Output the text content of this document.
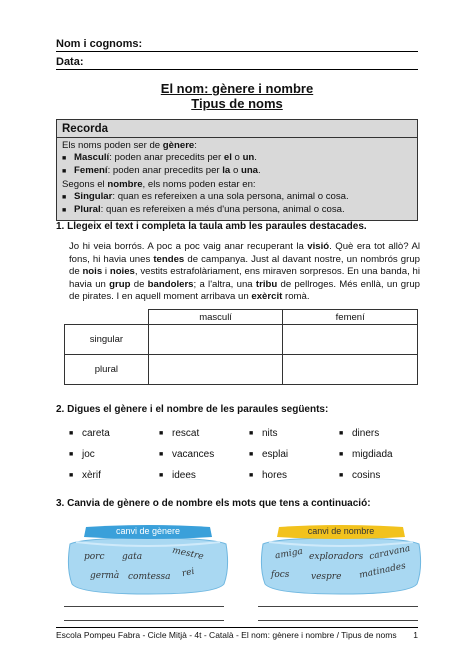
Nom i cognoms:
Data:
El nom: gènere i nombre
Tipus de noms
Recorda
Els noms poden ser de gènere:
■ Masculí: poden anar precedits per el o un.
■ Femení: poden anar precedits per la o una.
Segons el nombre, els noms poden estar en:
■ Singular: quan es refereixen a una sola persona, animal o cosa.
■ Plural: quan es refereixen a més d'una persona, animal o cosa.
1. Llegeix el text i completa la taula amb les paraules destacades.
Jo hi veia borrós. A poc a poc vaig anar recuperant la visió. Què era tot allò? Al fons, hi havia unes tendes de campanya. Just al davant nostre, un nombrós grup de nois i noies, vestits estrafolàriament, ens miraven sorpresos. En una banda, hi havia un grup de bandolers; a l'altra, una tribu de pellroges. Més enllà, un grup de pirates. I en aquell moment arribava un exèrcit romà.
	masculí	femení
singular		
plural		
2. Digues el gènere i el nombre de les paraules següents:
■ careta	■ rescat	■ nits	■ diners
■ joc	■ vacances	■ esplai	■ migdiada
■ xèrif	■ idees	■ hores	■ cosins
3. Canvia de gènere o de nombre els mots que tens a continuació:
canvi de gènere
porc gata	mestre
germà comtessa rei
canvi de nombre
amiga exploradors caravana
focs vespre matinades
Escola Pompeu Fabra - Cicle Mitjà - 4t - Català - El nom: gènere i nombre / Tipus de noms 1
